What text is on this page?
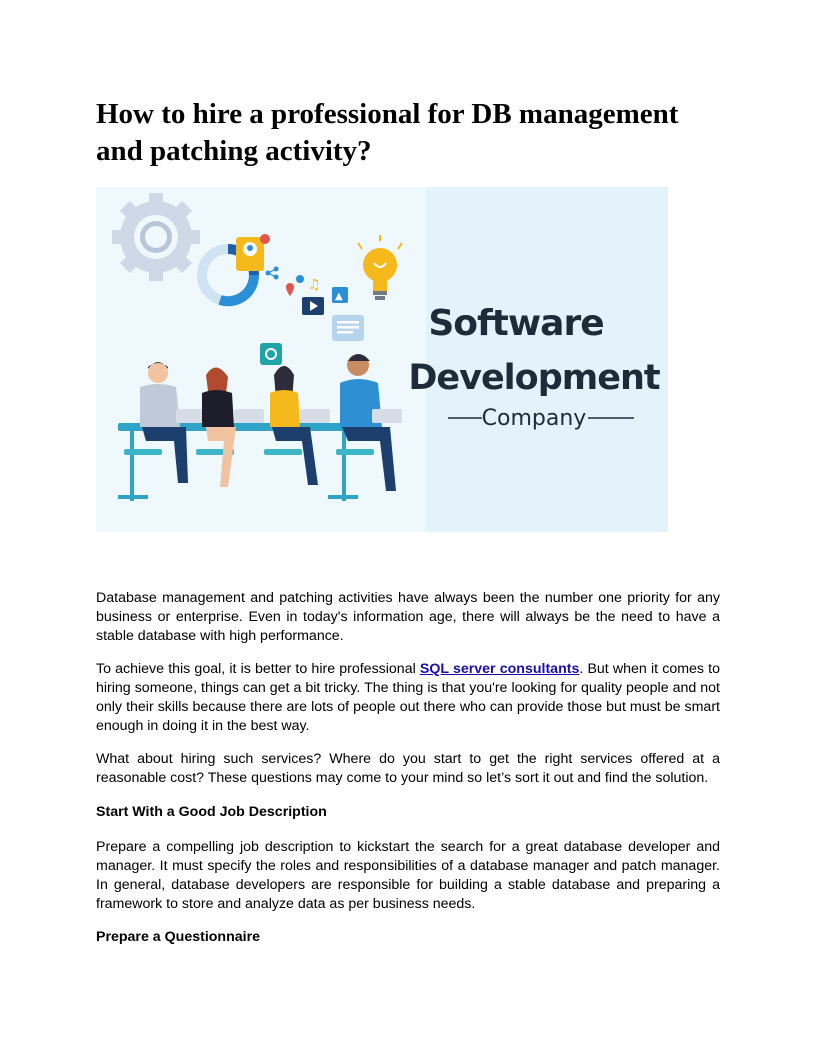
How to hire a professional for DB management and patching activity?
♫
▲
Software
Development
Company

Database management and patching activities have always been the number one priority for any business or enterprise. Even in today's information age, there will always be the need to have a stable database with high performance.

To achieve this goal, it is better to hire professional SQL server consultants. But when it comes to hiring someone, things can get a bit tricky. The thing is that you're looking for quality people and not only their skills because there are lots of people out there who can provide those but must be smart enough in doing it in the best way.

What about hiring such services? Where do you start to get the right services offered at a reasonable cost? These questions may come to your mind so let’s sort it out and find the solution.

Start With a Good Job Description

Prepare a compelling job description to kickstart the search for a great database developer and manager. It must specify the roles and responsibilities of a database manager and patch manager. In general, database developers are responsible for building a stable database and preparing a framework to store and analyze data as per business needs.

Prepare a Questionnaire
